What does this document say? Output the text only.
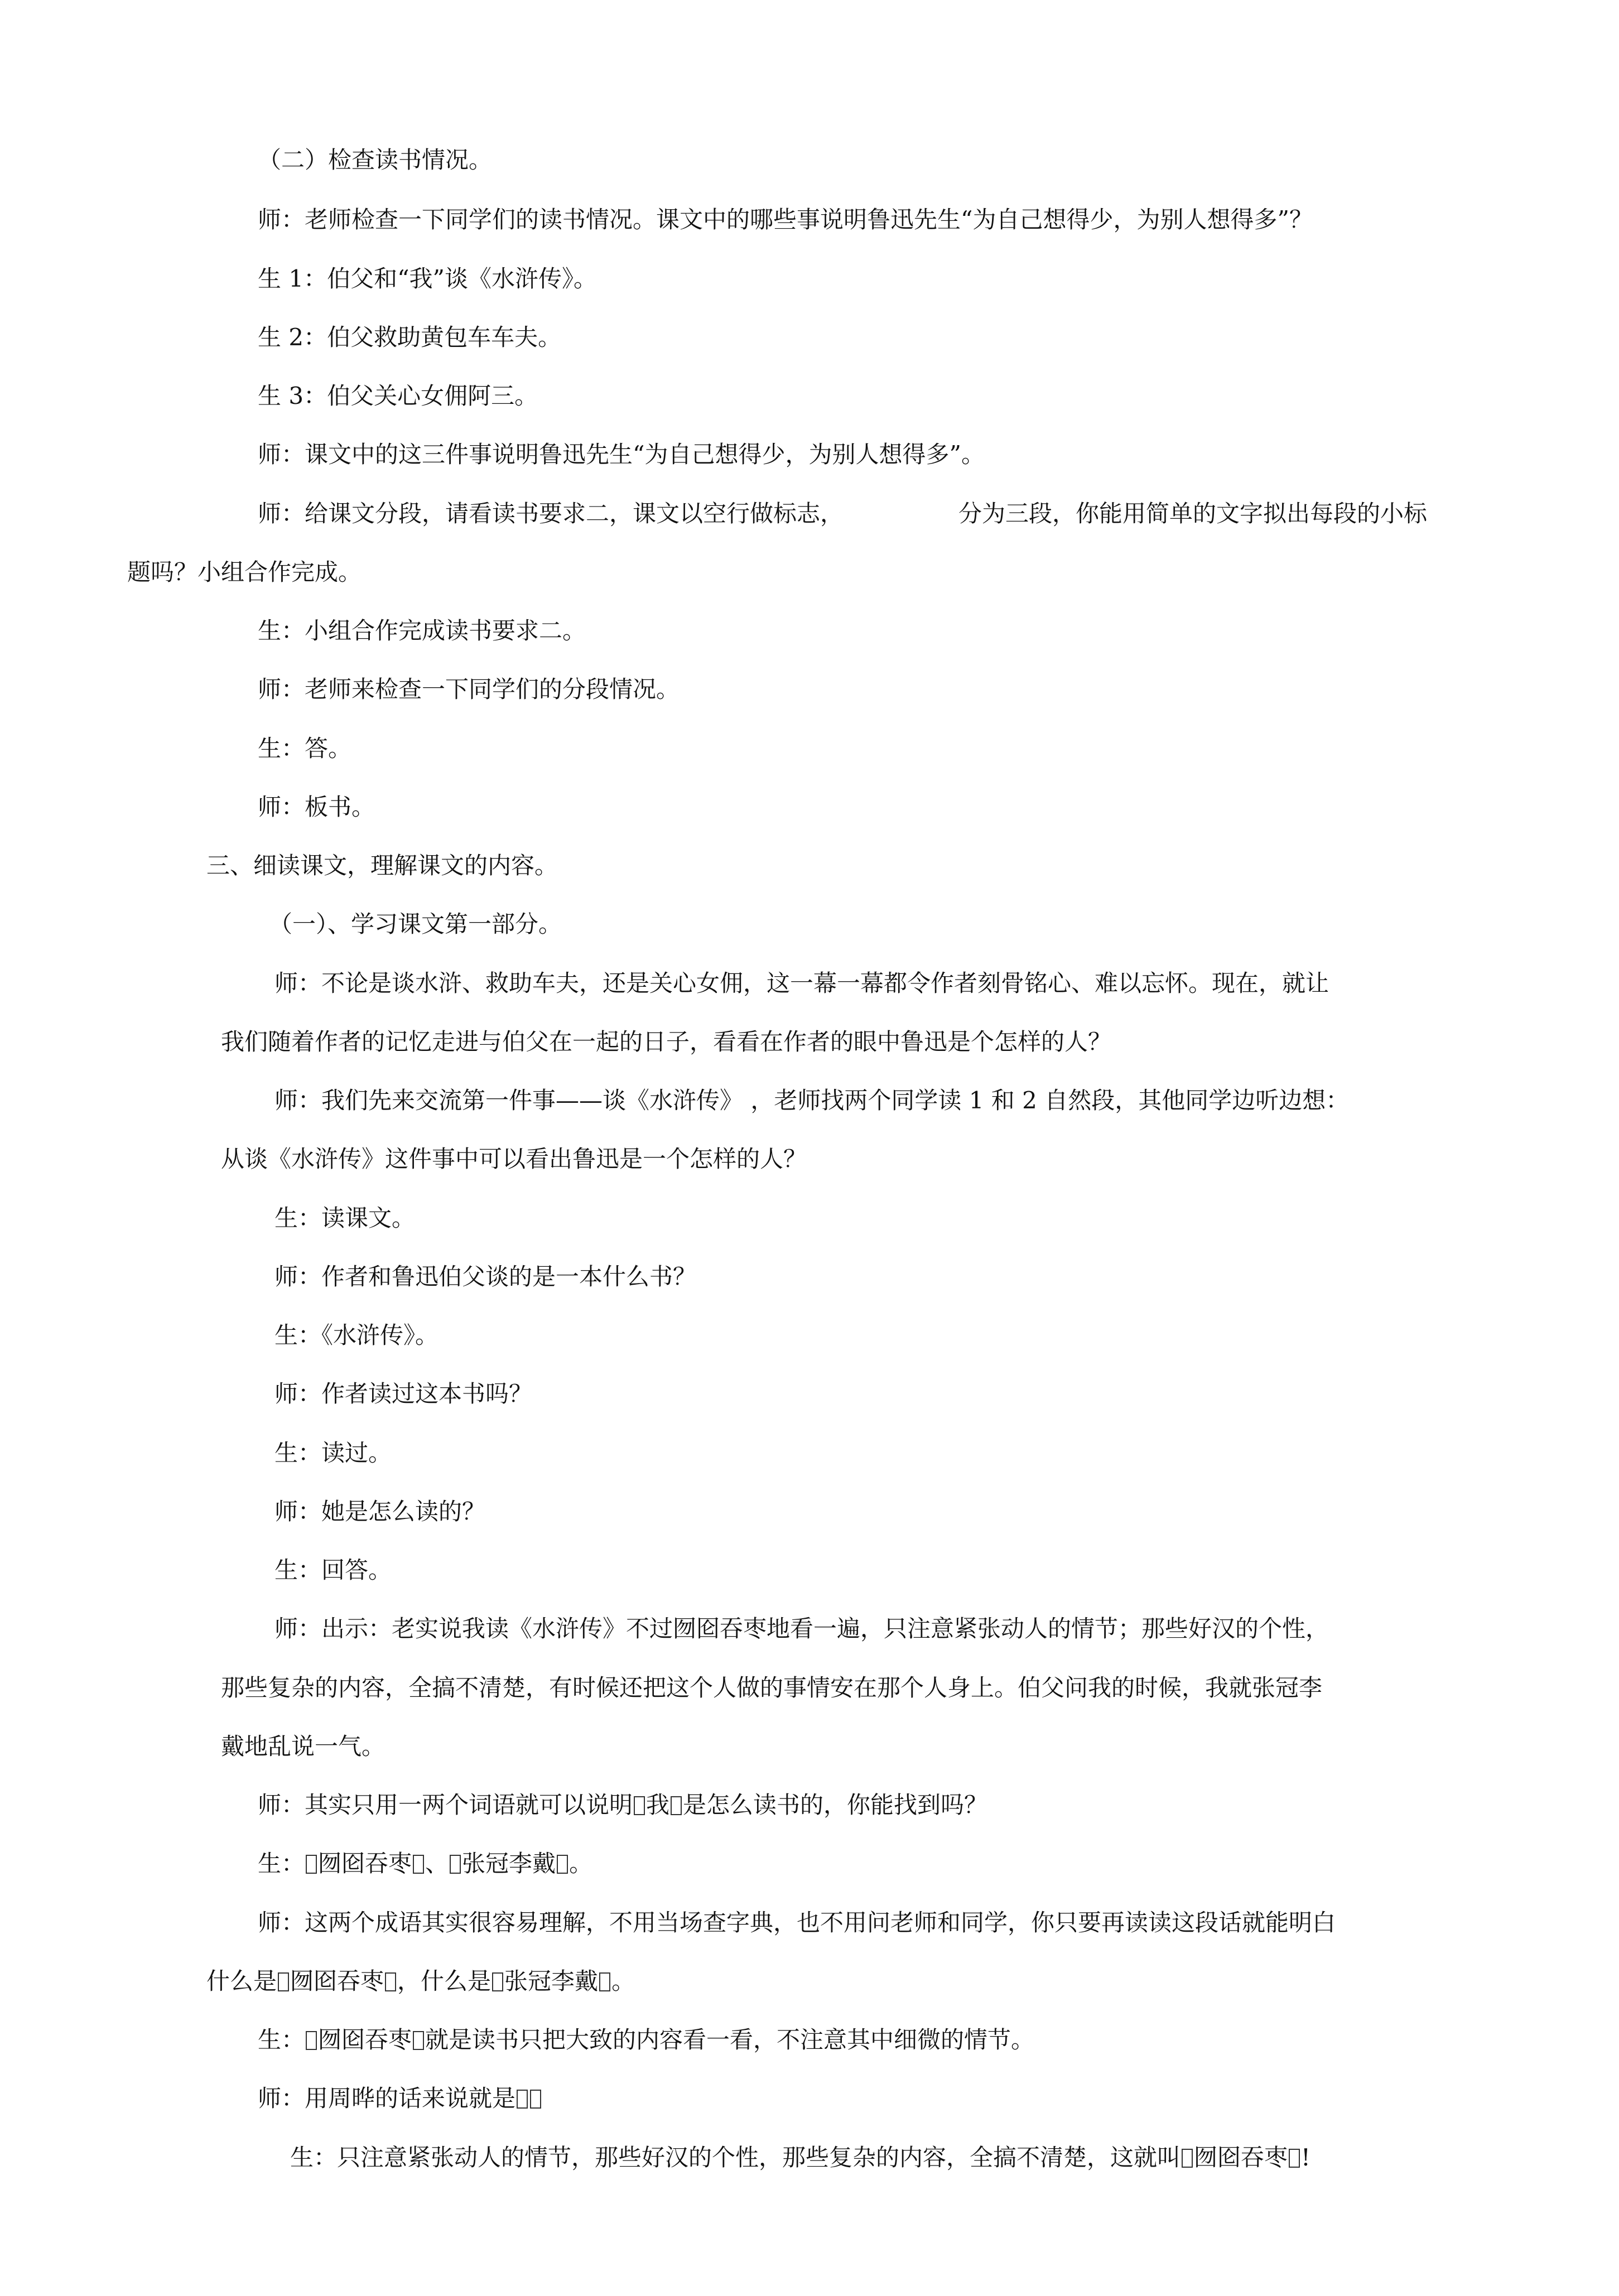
（二）检查读书情况。
师：老师检查一下同学们的读书情况。课文中的哪些事说明鲁迅先生“为自己想得少，为别人想得多”？
生 1：伯父和“我”谈《水浒传》。
生 2：伯父救助黄包车车夫。
生 3：伯父关心女佣阿三。
师：课文中的这三件事说明鲁迅先生“为自己想得少，为别人想得多”。
师：给课文分段，请看读书要求二，课文以空行做标志，	分为三段，你能用简单的文字拟出每段的小标
题吗？小组合作完成。
生：小组合作完成读书要求二。
师：老师来检查一下同学们的分段情况。
生：答。
师：板书。
三、细读课文，理解课文的内容。
（一）、学习课文第一部分。
师：不论是谈水浒、救助车夫，还是关心女佣，这一幕一幕都令作者刻骨铭心、难以忘怀。现在，就让
我们随着作者的记忆走进与伯父在一起的日子，看看在作者的眼中鲁迅是个怎样的人？
师：我们先来交流第一件事——谈《水浒传》 ，老师找两个同学读 1 和 2 自然段，其他同学边听边想：
从谈《水浒传》这件事中可以看出鲁迅是一个怎样的人？
生：读课文。
师：作者和鲁迅伯父谈的是一本什么书？
生：《水浒传》。
师：作者读过这本书吗？
生：读过。
师：她是怎么读的？
生：回答。
师：出示：老实说我读《水浒传》不过囫囵吞枣地看一遍，只注意紧张动人的情节；那些好汉的个性，
那些复杂的内容，全搞不清楚，有时候还把这个人做的事情安在那个人身上。伯父问我的时候，我就张冠李
戴地乱说一气。
师：其实只用一两个词语就可以说明 我 是怎么读书的，你能找到吗？
生： 囫囵吞枣 、 张冠李戴 。
师：这两个成语其实很容易理解，不用当场查字典，也不用问老师和同学，你只要再读读这段话就能明白
什么是 囫囵吞枣 ，什么是 张冠李戴 。
生： 囫囵吞枣 就是读书只把大致的内容看一看，不注意其中细微的情节。
师：用周晔的话来说就是
生：只注意紧张动人的情节，那些好汉的个性，那些复杂的内容，全搞不清楚，这就叫 囫囵吞枣 !
